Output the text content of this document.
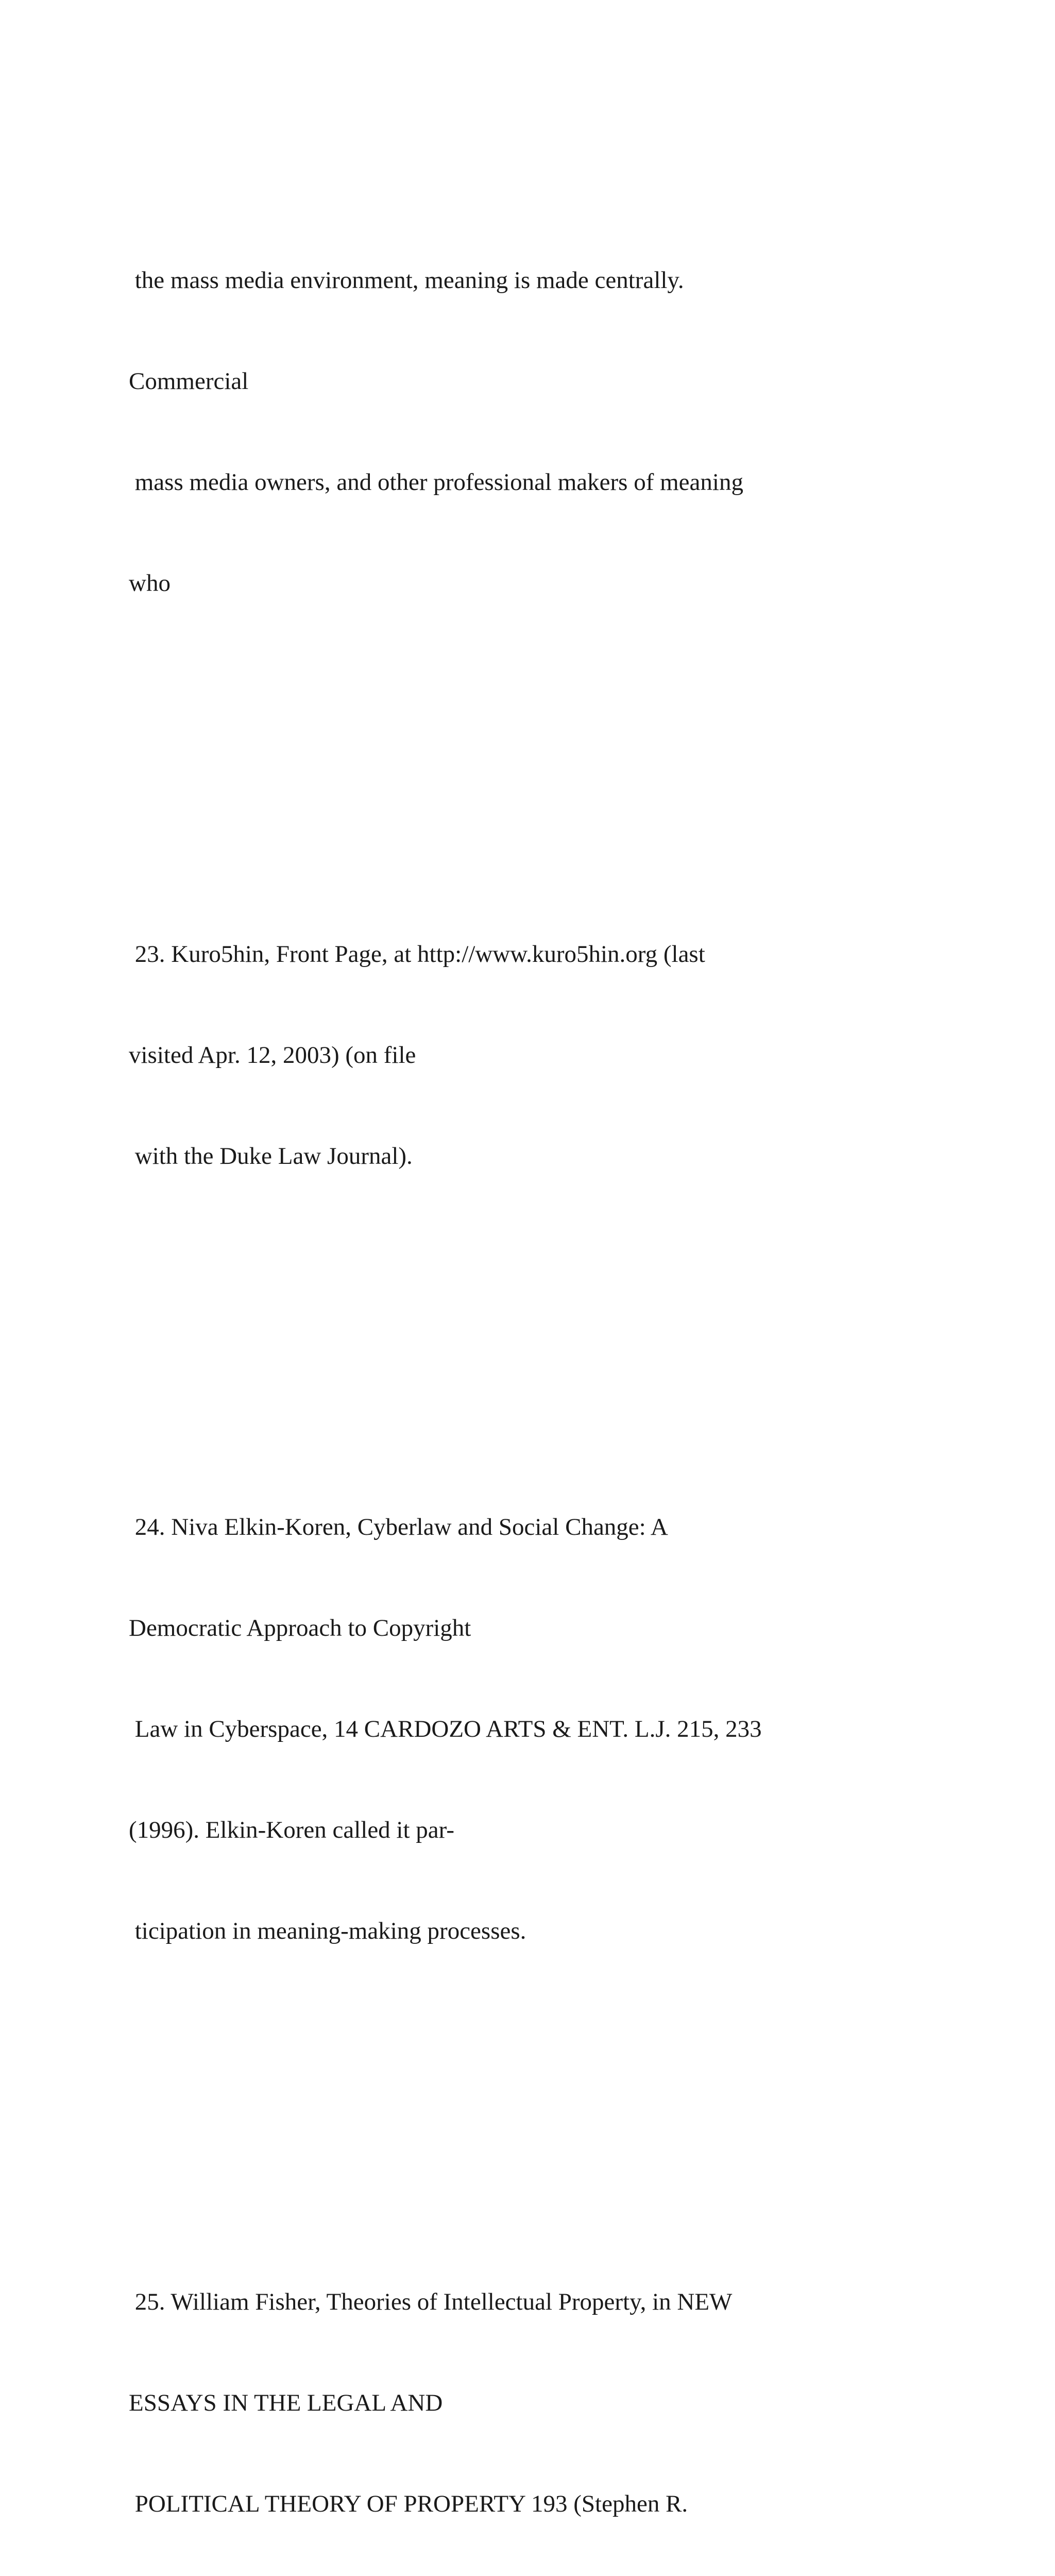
the mass media environment, meaning is made centrally.

Commercial

mass media owners, and other professional makers of meaning

who

23. Kuro5hin, Front Page, at http://www.kuro5hin.org (last

visited Apr. 12, 2003) (on file

with the Duke Law Journal).

24. Niva Elkin-Koren, Cyberlaw and Social Change: A

Democratic Approach to Copyright

Law in Cyberspace, 14 CARDOZO ARTS & ENT. L.J. 215, 233

(1996). Elkin-Koren called it par-

ticipation in meaning-making processes.

25. William Fisher, Theories of Intellectual Property, in NEW

ESSAYS IN THE LEGAL AND

POLITICAL THEORY OF PROPERTY 193 (Stephen R.
